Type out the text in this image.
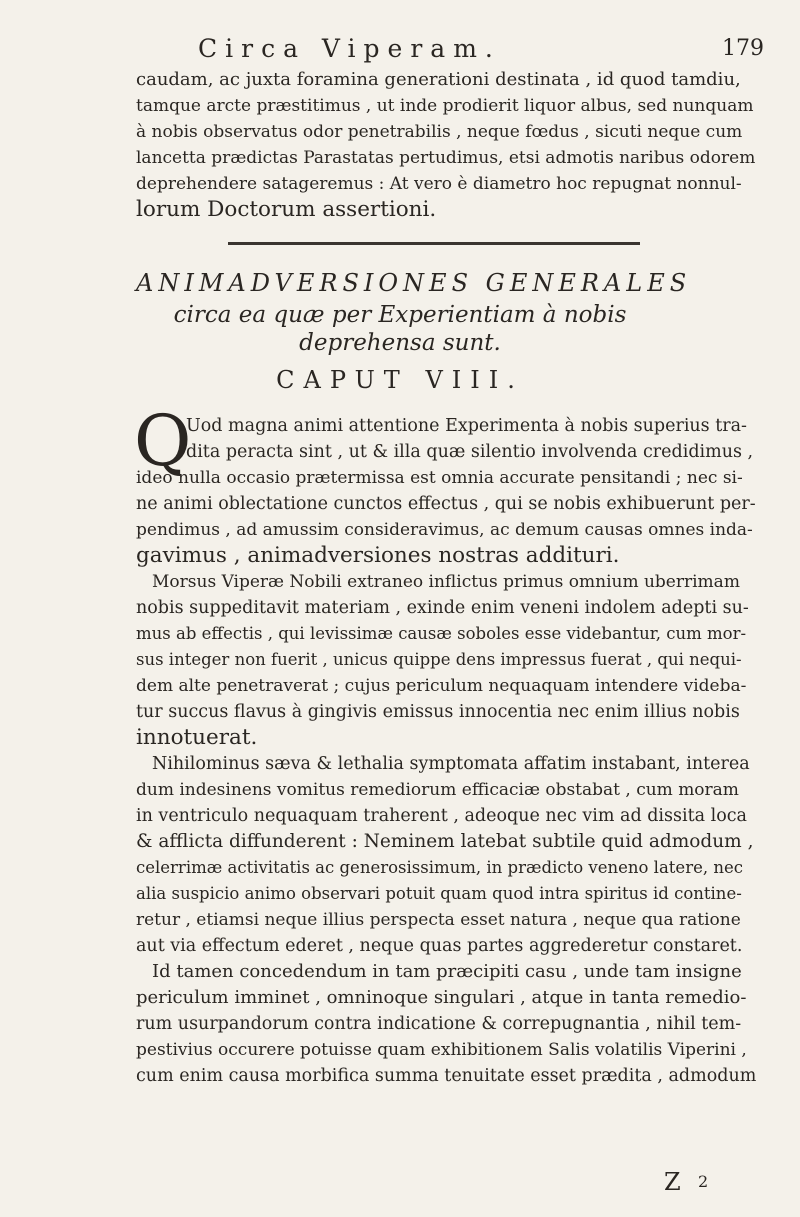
Circa Viperam.	179
caudam, ac juxta foramina generationi destinata , id quod tamdiu,
tamque arcte præstitimus , ut inde prodierit liquor albus, sed nunquam
à nobis observatus odor penetrabilis , neque fœdus , sicuti neque cum
lancetta prædictas Parastatas pertudimus, etsi admotis naribus odorem
deprehendere satageremus : At vero è diametro hoc repugnat nonnul-
lorum Doctorum assertioni.
ANIMADVERSIONES GENERALES
circa ea quæ per Experientiam à nobis
deprehensa sunt.
CAPUT VIII.
Q
Uod magna animi attentione Experimenta à nobis superius tra-
dita peracta sint , ut & illa quæ silentio involvenda credidimus ,
ideo nulla occasio prætermissa est omnia accurate pensitandi ; nec si-
ne animi oblectatione cunctos effectus , qui se nobis exhibuerunt per-
pendimus , ad amussim consideravimus, ac demum causas omnes inda-
gavimus , animadversiones nostras addituri.
Morsus Viperæ Nobili extraneo inflictus primus omnium uberrimam
nobis suppeditavit materiam , exinde enim veneni indolem adepti su-
mus ab effectis , qui levissimæ causæ soboles esse videbantur, cum mor-
sus integer non fuerit , unicus quippe dens impressus fuerat , qui nequi-
dem alte penetraverat ; cujus periculum nequaquam intendere videba-
tur succus flavus à gingivis emissus innocentia nec enim illius nobis
innotuerat.
Nihilominus sæva & lethalia symptomata affatim instabant, interea
dum indesinens vomitus remediorum efficaciæ obstabat , cum moram
in ventriculo nequaquam traherent , adeoque nec vim ad dissita loca
& afflicta diffunderent : Neminem latebat subtile quid admodum ,
celerrimæ activitatis ac generosissimum, in prædicto veneno latere, nec
alia suspicio animo observari potuit quam quod intra spiritus id contine-
retur , etiamsi neque illius perspecta esset natura , neque qua ratione
aut via effectum ederet , neque quas partes aggrederetur constaret.
Id tamen concedendum in tam præcipiti casu , unde tam insigne
periculum imminet , omninoque singulari , atque in tanta remedio-
rum usurpandorum contra indicatione & correpugnantia , nihil tem-
pestivius occurere potuisse quam exhibitionem Salis volatilis Viperini ,
cum enim causa morbifica summa tenuitate esset prædita , admodum
Z 2
